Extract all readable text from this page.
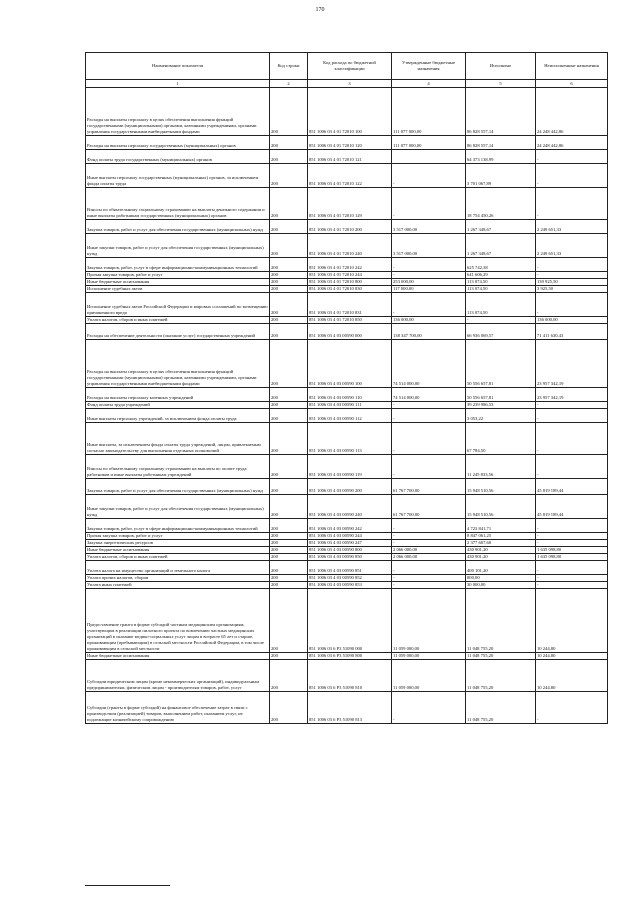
170
Наименование показателя	Код строки	Код расхода по бюджетной классификации	Утвержденные бюджетные назначения	Исполнено	Неисполненные назначения
1	2	3	4	5	6
Расходы на выплаты персоналу в целях обеспечения выполнения функций государственными (муниципальными) органами, казенными учреждениями, органами управления государственными внебюджетными фондами	200	851 1006 03 4 01 72010 100	111 077 000,00	86 828 557,14	24 248 442,86
Расходы на выплаты персоналу государственных (муниципальных) органов	200	851 1006 03 4 01 72010 120	111 077 000,00	86 828 557,14	24 248 442,86
Фонд оплаты труда государственных (муниципальных) органов	200	851 1006 03 4 01 72010 121		64 373 138,99	-
Иные выплаты персоналу государственных (муниципальных) органов, за исключением фонда оплаты труда	200	851 1006 03 4 01 72010 122	-	3 701 067,89	-
Взносы по обязательному социальному страхованию на выплаты денежного содержания и иные выплаты работникам государственных (муниципальных) органов	200	851 1006 03 4 01 72010 129	-	18 754 450,26	-
Закупка товаров, работ и услуг для обеспечения государственных (муниципальных) нужд	200	851 1006 03 4 01 72010 200	3 517 000,00	1 267 348,67	2 249 651,33
Иные закупки товаров, работ и услуг для обеспечения государственных (муниципальных) нужд	200	851 1006 03 4 01 72010 240	3 517 000,00	1 267 348,67	2 249 651,33
Закупка товаров, работ, услуг в сфере информационно-коммуникационных технологий	200	851 1006 03 4 01 72010 242	-	625 742,38	-
Прочая закупка товаров, работ и услуг	200	851 1006 03 4 01 72010 244	-	641 606,29	-
Иные бюджетные ассигнования	200	851 1006 03 4 01 72010 800	253 000,00	113 074,50	139 925,50
Исполнение судебных актов	200	851 1006 03 4 01 72010 830	117 000,00	113 074,50	3 925,50
Исполнение судебных актов Российской Федерации и мировых соглашений по возмещению причиненного вреда	200	851 1006 03 4 01 72010 831	-	113 074,50	-
Уплата налогов, сборов и иных платежей	200	851 1006 03 4 01 72010 850	136 000,00	-	136 000,00
Расходы на обеспечение деятельности (оказание услуг) государственных учреждений	200	851 1006 03 4 03 00590 000	138 347 700,00	66 936 069,57	71 411 630,43
Расходы на выплаты персоналу в целях обеспечения выполнения функций государственными (муниципальными) органами, казенными учреждениями, органами управления государственными внебюджетными фондами	200	851 1006 03 4 03 00590 100	74 514 000,00	50 556 657,81	23 957 342,19
Расходы на выплаты персоналу казенных учреждений	200	851 1006 03 4 03 00590 110	74 514 000,00	50 556 657,81	23 957 342,19
Фонд оплаты труда учреждений	200	851 1006 03 4 03 00590 111	-	39 239 986,53	-
Иные выплаты персоналу учреждений, за исключением фонда оплаты труда	200	851 1006 03 4 03 00590 112	-	3 053,22	-
Иные выплаты, за исключением фонда оплаты труда учреждений, лицам, привлекаемым согласно законодательству для выполнения отдельных полномочий	200	851 1006 03 4 03 00590 113	-	67 784,50	-
Взносы по обязательному социальному страхованию на выплаты по оплате труда работников и иные выплаты работникам учреждений	200	851 1006 03 4 03 00590 119	-	11 245 833,56	-
Закупка товаров, работ и услуг для обеспечения государственных (муниципальных) нужд	200	851 1006 03 4 03 00590 200	61 767 700,00	15 948 510,56	45 819 189,44
Иные закупки товаров, работ и услуг для обеспечения государственных (муниципальных) нужд	200	851 1006 03 4 03 00590 240	61 767 700,00	15 948 510,56	45 819 189,44
Закупка товаров, работ, услуг в сфере информационно-коммуникационных технологий	200	851 1006 03 4 03 00590 242	-	4 723 841,71	-
Прочая закупка товаров, работ и услуг	200	851 1006 03 4 03 00590 244	-	8 847 061,25	-
Закупка энергетических ресурсов	200	851 1006 03 4 03 00590 247	-	2 377 607,60	-
Иные бюджетные ассигнования	200	851 1006 03 4 03 00590 800	2 066 000,00	430 901,20	1 635 098,80
Уплата налогов, сборов и иных платежей	200	851 1006 03 4 03 00590 850	2 066 000,00	430 901,20	1 635 098,80
Уплата налога на имущество организаций и земельного налога	200	851 1006 03 4 03 00590 851	-	400 101,20	-
Уплата прочих налогов, сборов	200	851 1006 03 4 03 00590 852	-	800,00	-
Уплата иных платежей	200	851 1006 03 4 03 00590 853	-	30 000,00	-
Предоставление гранта в форме субсидий частным медицинским организациям, участвующим в реализации пилотного проекта по вовлечению частных медицинских организаций в оказание медико-социальных услуг лицам в возрасте 65 лет и старше, проживающим (пребывающим) в сельской местности Российской Федерации, в том числе проживающим в сельской местности	200	851 1006 03 6 P3 51090 000	11 059 000,00	11 048 755,20	10 244,80
Иные бюджетные ассигнования	200	851 1006 03 6 P3 51090 800	11 059 000,00	11 048 755,20	10 244,80
Субсидии юридическим лицам (кроме некоммерческих организаций), индивидуальным предпринимателям, физическим лицам - производителям товаров, работ, услуг	200	851 1006 03 6 P3 51090 810	11 059 000,00	11 048 755,20	10 244,80
Субсидии (гранты в форме субсидий) на финансовое обеспечение затрат в связи с производством (реализацией) товаров, выполнением работ, оказанием услуг, не подлежащие казначейскому сопровождению	200	851 1006 03 6 P3 51090 813	-	11 048 755,20	-
